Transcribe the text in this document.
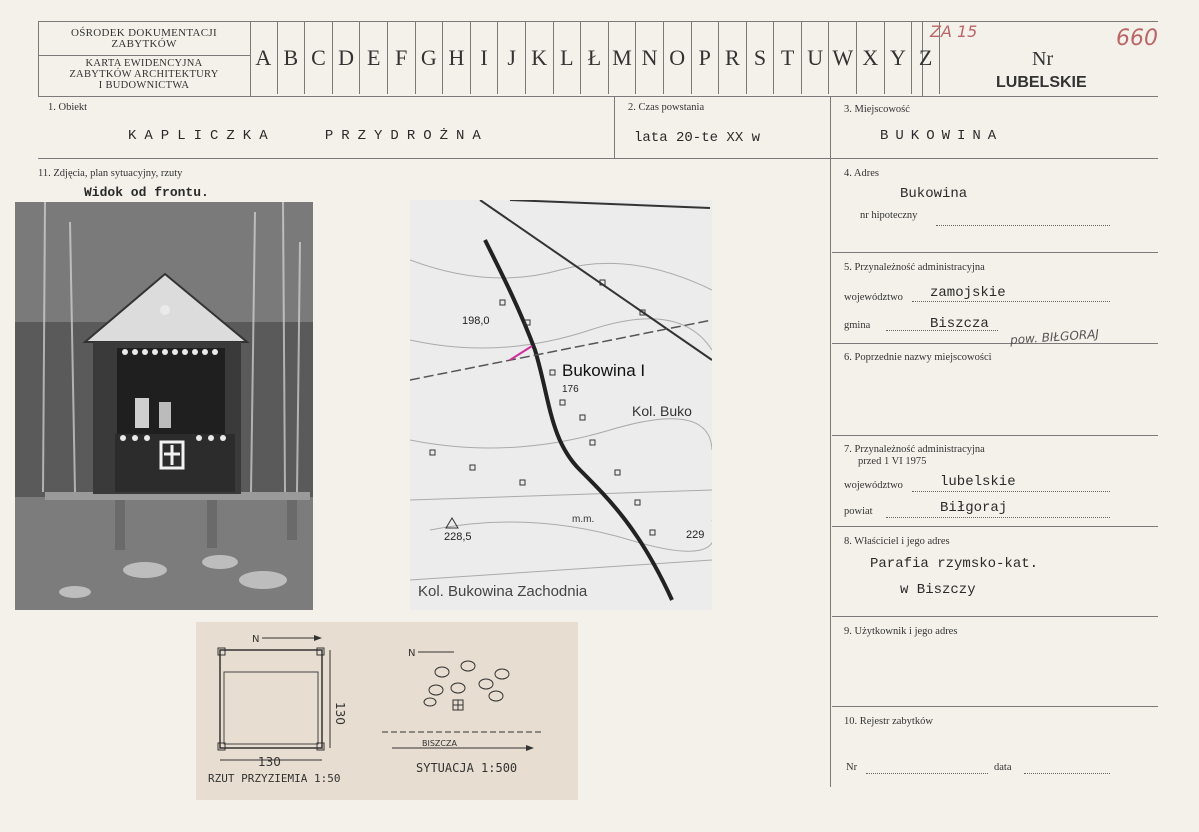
OŚRODEK DOKUMENTACJI
ZABYTKÓW
KARTA EWIDENCYJNA
ZABYTKÓW ARCHITEKTURY
I BUDOWNICTWA
A B C D E F G H I J K L Ł M N O P R S T U W X Y Z	Nr
LUBELSKIE
ZA 15	660
1. Obiekt
KAPLICZKA   PRZYDROŻNA
2. Czas powstania
lata 20-te XX w
3. Miejscowość
BUKOWINA
11. Zdjęcia, plan sytuacyjny, rzuty
Widok od frontu.
Bukowina I
198,0
176
228,5	229
Kol. Buko
m.m.
Kol. Bukowina Zachodnia
N
130
130
RZUT PRZYZIEMIA 1:50
N
BISZCZA
SYTUACJA 1:500
4. Adres
Bukowina
nr hipoteczny
5. Przynależność administracyjna
województwo zamojskie
gmina	Biszcza
pow. BIŁGORAJ
6. Poprzednie nazwy miejscowości
7. Przynależność administracyjna
przed 1 VI 1975
województwo	lubelskie
powiat	Biłgoraj
8. Właściciel i jego adres
Parafia rzymsko-kat.
w Biszczy
9. Użytkownik i jego adres
10. Rejestr zabytków
Nr	data
